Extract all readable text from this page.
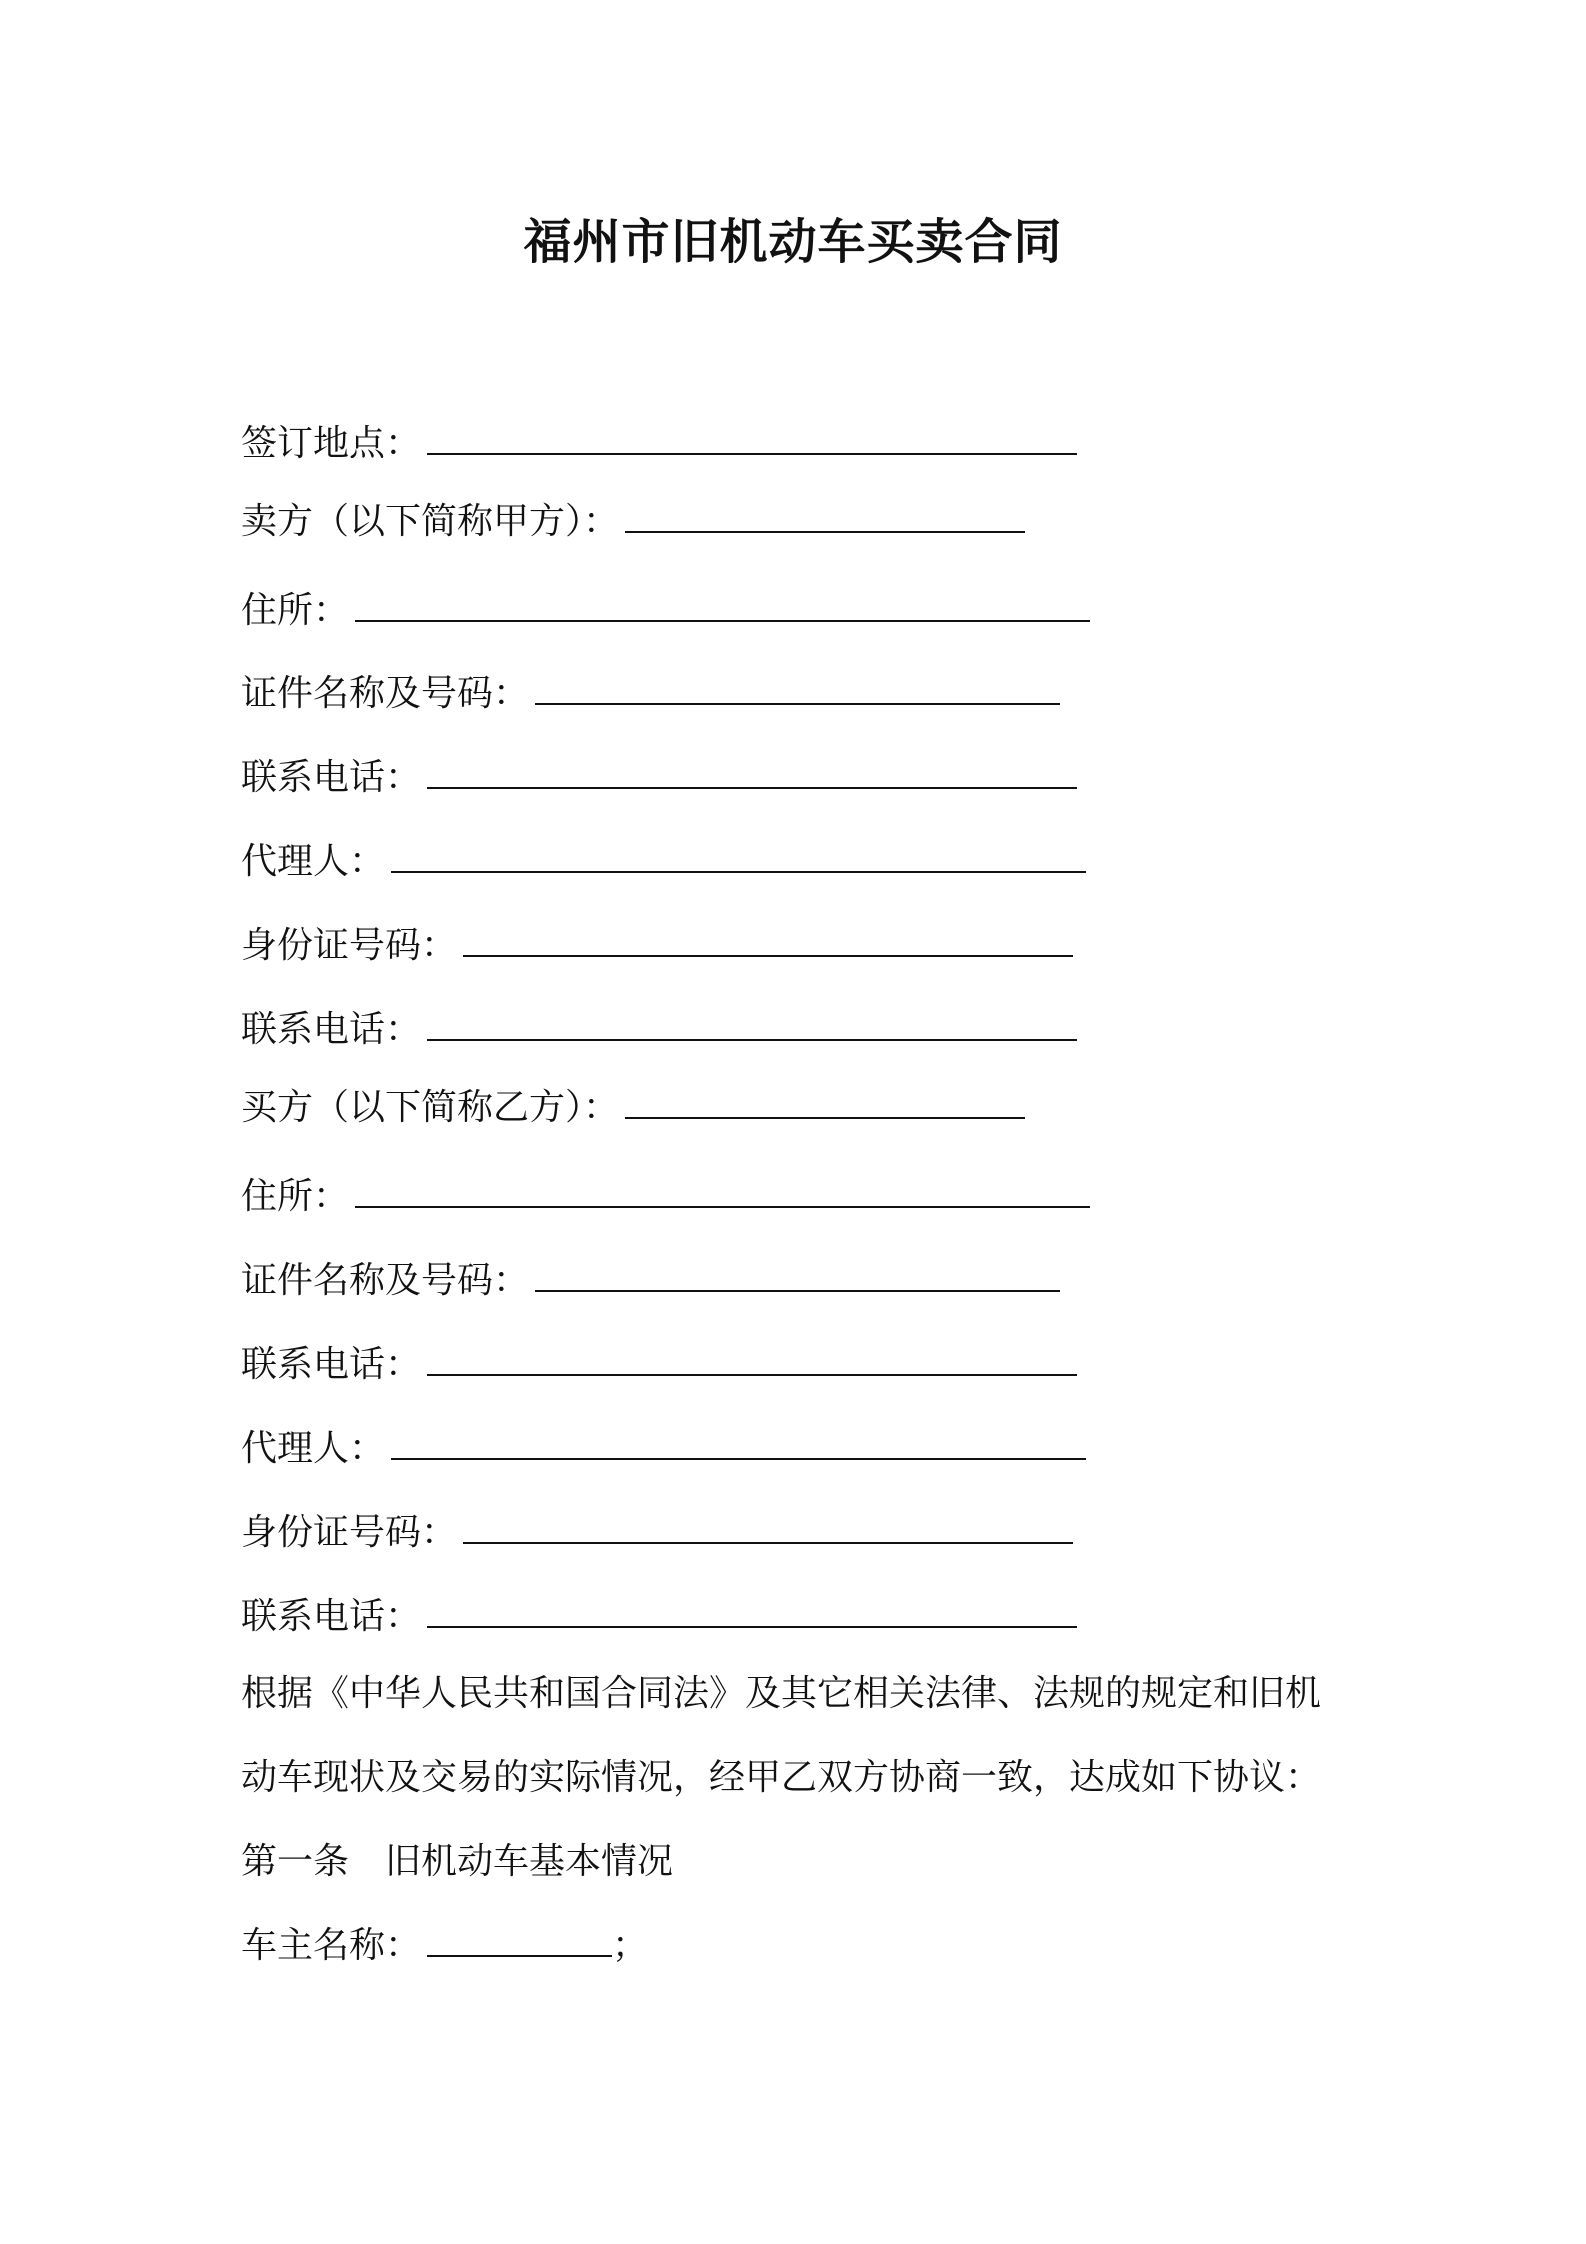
福州市旧机动车买卖合同
签订地点：
卖方（以下简称甲方）：
住所：
证件名称及号码：
联系电话：
代理人：
身份证号码：
联系电话：
买方（以下简称乙方）：
住所：
证件名称及号码：
联系电话：
代理人：
身份证号码：
联系电话：
根据《中华人民共和国合同法》及其它相关法律、法规的规定和旧机
动车现状及交易的实际情况，经甲乙双方协商一致，达成如下协议：
第一条　旧机动车基本情况
车主名称：	；
